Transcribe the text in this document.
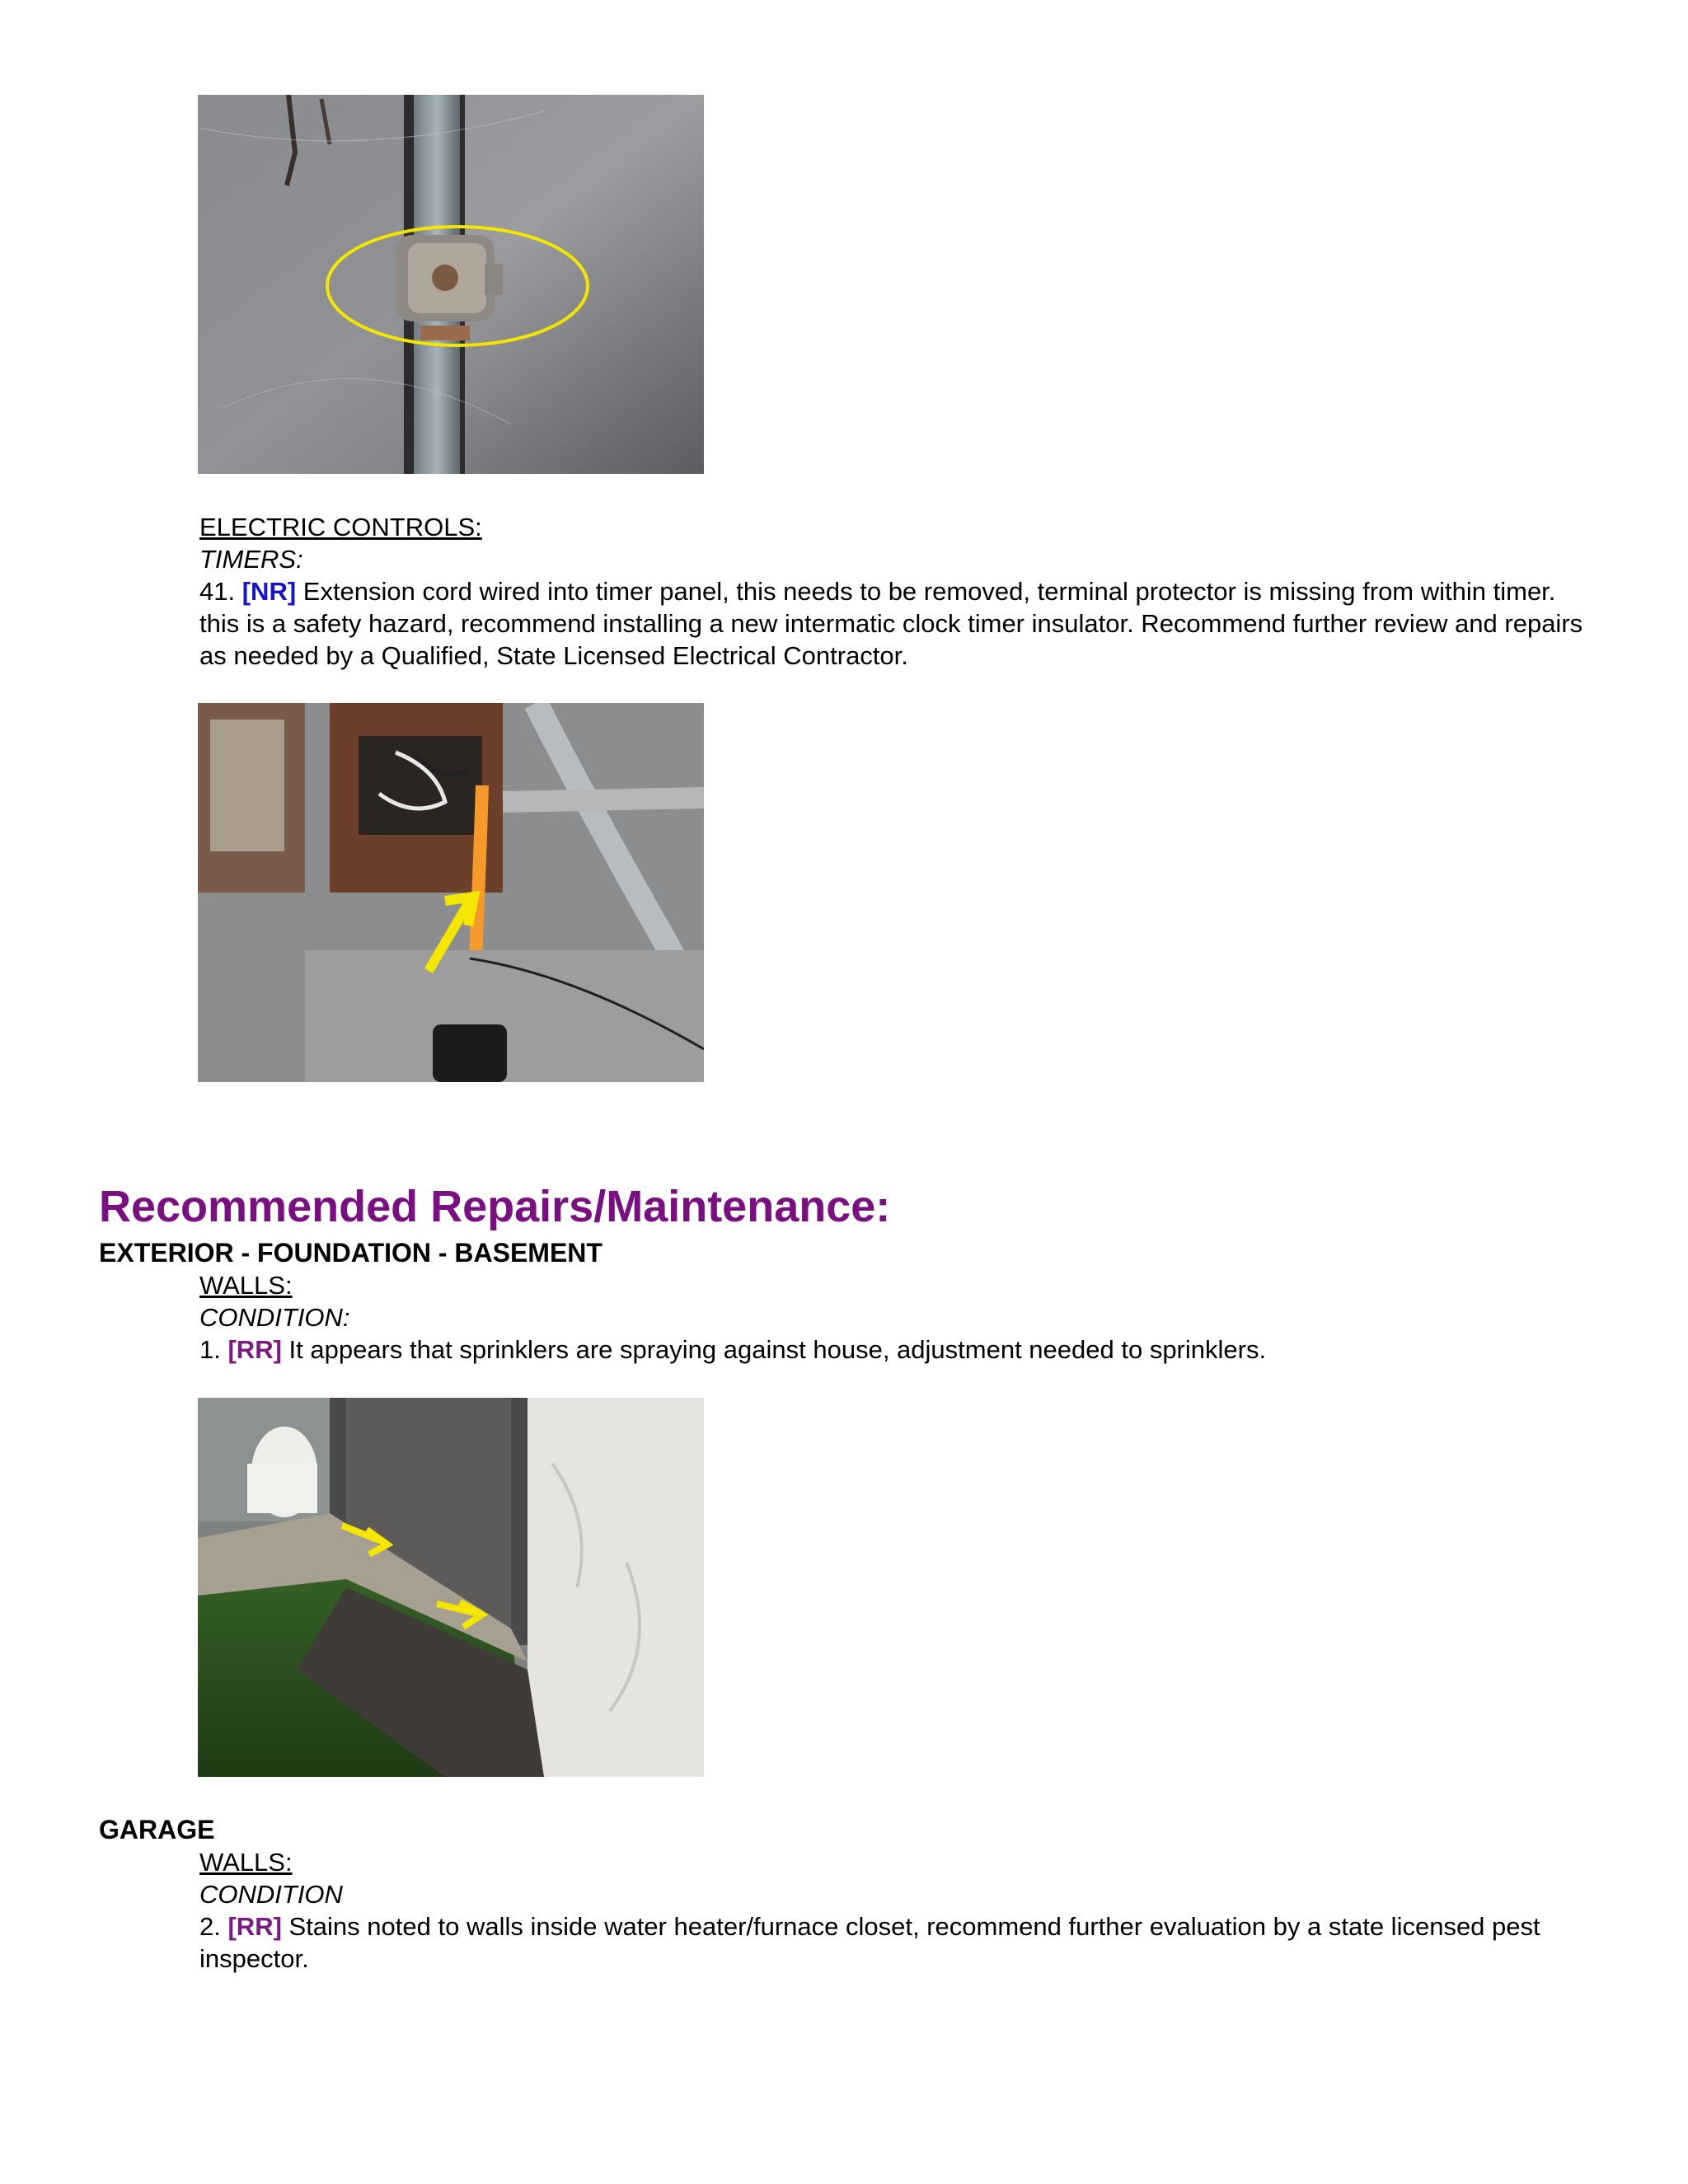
ELECTRIC CONTROLS:
TIMERS:
41. [NR] Extension cord wired into timer panel, this needs to be removed, terminal protector is missing from within timer. this is a safety hazard, recommend installing a new intermatic clock timer insulator. Recommend further review and repairs as needed by a Qualified, State Licensed Electrical Contractor.
Recommended Repairs/Maintenance:
EXTERIOR - FOUNDATION - BASEMENT
WALLS:
CONDITION:
1. [RR] It appears that sprinklers are spraying against house, adjustment needed to sprinklers.
GARAGE
WALLS:
CONDITION
2. [RR] Stains noted to walls inside water heater/furnace closet, recommend further evaluation by a state licensed pest inspector.
